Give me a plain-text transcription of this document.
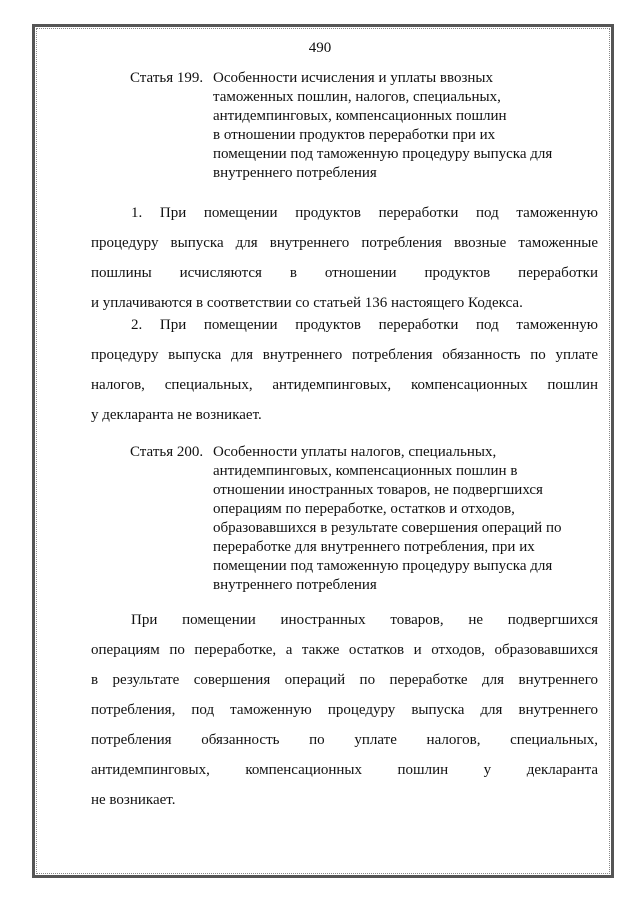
490
Статья 199. Особенности исчисления и уплаты ввозных
таможенных пошлин, налогов, специальных,
антидемпинговых, компенсационных пошлин
в отношении продуктов переработки при их
помещении под таможенную процедуру выпуска для
внутреннего потребления
1. При помещении продуктов переработки под таможенную
процедуру выпуска для внутреннего потребления ввозные таможенные
пошлины исчисляются в отношении продуктов переработки
и уплачиваются в соответствии со статьей 136 настоящего Кодекса.
2. При помещении продуктов переработки под таможенную
процедуру выпуска для внутреннего потребления обязанность по уплате
налогов, специальных, антидемпинговых, компенсационных пошлин
у декларанта не возникает.
Статья 200. Особенности уплаты налогов, специальных,
антидемпинговых, компенсационных пошлин в
отношении иностранных товаров, не подвергшихся
операциям по переработке, остатков и отходов,
образовавшихся в результате совершения операций по
переработке для внутреннего потребления, при их
помещении под таможенную процедуру выпуска для
внутреннего потребления
При помещении иностранных товаров, не подвергшихся
операциям по переработке, а также остатков и отходов, образовавшихся
в результате совершения операций по переработке для внутреннего
потребления, под таможенную процедуру выпуска для внутреннего
потребления обязанность по уплате налогов, специальных,
антидемпинговых, компенсационных пошлин у декларанта
не возникает.
